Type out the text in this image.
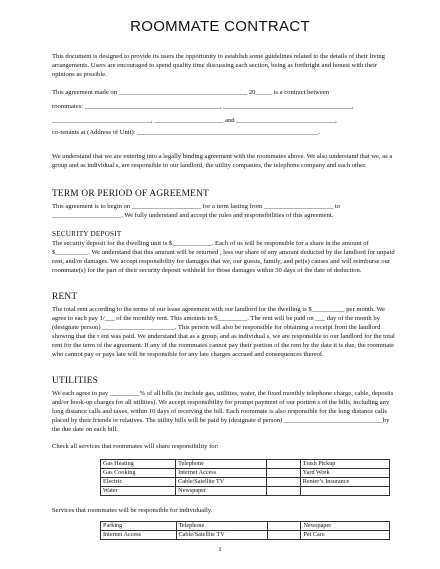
ROOMMATE CONTRACT

This document is designed to provide its users the opportunity to establish some guidelines related to the details of their living arrangements. Users are encouraged to spend quality time discussing each section, being as forthright and honest with their opinions as possible.

This agreement made on _______________________________________ 20_____ is a contract between

roommates: _________________________________________, _______________________________________,

______________________________, _____________________ and ______________________________,

co-tenants at (Address of Unit): _______________________________________________________.

We understand that we are entering into a legally binding agreement with the roommates above. We also understand that we, as a group and as individual s, are responsible to our landlord, the utility companies, the telephone company and each other.

TERM OR PERIOD OF AGREEMENT

This agreement is to begin on _____________________ for a term lasting from _____________________ to _____________________. We fully understand and accept the rules and responsibilities of this agreement.

SECURITY DEPOSIT

The security deposit for the dwelling unit is $____________. Each of us will be responsible for a share in the amount of $__________. We understand that this amount will be returned , less our share of any amount deducted by the landlord for unpaid rent, and/or damages. We accept responsibility for damages that we, our guests, family, and pet(s) causes and will reimburse our roommate(s) for the part of their security deposit withheld for those damages within 30 days of the date of deduction.

RENT

The total rent according to the terms of our lease agreement with our landlord for the dwelling is $__________ per month. We agree to each pay 1/___ of the monthly rent. This amounts to $_________. The rent will be paid on ___ day of the month by (designate person) ______________________. This person will also be responsible for obtaining a receipt from the landlord showing that the r ent was paid. We understand that as a group, and as individual s, we are responsible to our landlord for the total rent for the term of the agreement. If any of the roommates cannot pay their portion of the rent by the date it is due, the roommate who cannot pay or pays late will be responsible for any late charges accrued and consequences thereof.

UTILITIES

We each agree to pay _________% of all bills (to include gas, utilities, water, the fixed monthly telephone charge, cable, deposits and/or hook-up charges for all utilities). We accept responsibility for prompt payment of our portion s of the bills, including any long distance calls and taxes, within 10 days of receiving the bill. Each roommate is also responsible for the long distance calls placed by their friends or relatives. The utility bills will be paid by (designate d person) ______________________________by the due date on each bill.

Check all services that roommates will share responsibility for:

Gas Heating	Telephone		Trash Pickup
Gas Cooking	Internet Access		Yard Work
Electric	Cable/Satellite TV		Renter’s Insurance
Water	Newspaper		

Services that roommates will be responsible for individually.

Parking	Telephone		Newspaper
Internet Access	Cable/Satellite TV		Pet Care
1
